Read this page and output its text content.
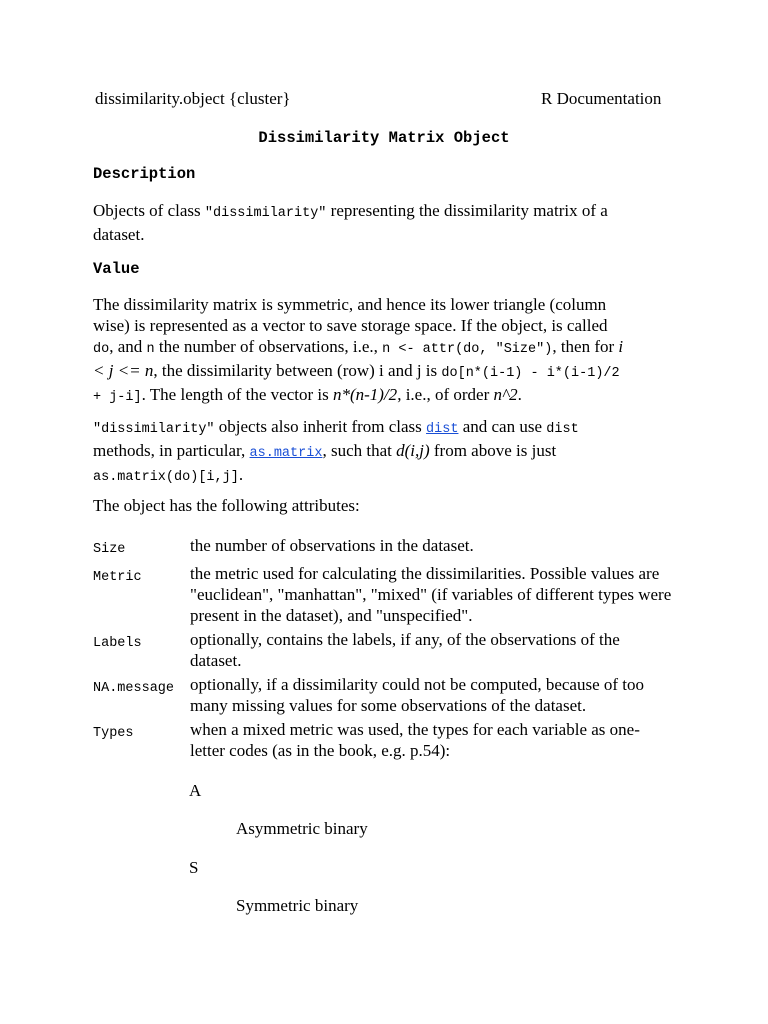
dissimilarity.object {cluster}	R Documentation
Dissimilarity Matrix Object
Description
Objects of class "dissimilarity" representing the dissimilarity matrix of a
dataset.
Value
The dissimilarity matrix is symmetric, and hence its lower triangle (column
wise) is represented as a vector to save storage space. If the object, is called
do, and n the number of observations, i.e., n <- attr(do, "Size"), then for i
< j <= n, the dissimilarity between (row) i and j is do[n*(i-1) - i*(i-1)/2
+ j-i]. The length of the vector is n*(n-1)/2, i.e., of order n^2.
"dissimilarity" objects also inherit from class dist and can use dist
methods, in particular, as.matrix, such that d(i,j) from above is just
as.matrix(do)[i,j].
The object has the following attributes:
Size	the number of observations in the dataset.
Metric	the metric used for calculating the dissimilarities. Possible values are "euclidean", "manhattan", "mixed" (if variables of different types were present in the dataset), and "unspecified".
Labels	optionally, contains the labels, if any, of the observations of the dataset.
NA.message	optionally, if a dissimilarity could not be computed, because of too many missing values for some observations of the dataset.
Types	when a mixed metric was used, the types for each variable as one-letter codes (as in the book, e.g. p.54):
A
Asymmetric binary
S
Symmetric binary
